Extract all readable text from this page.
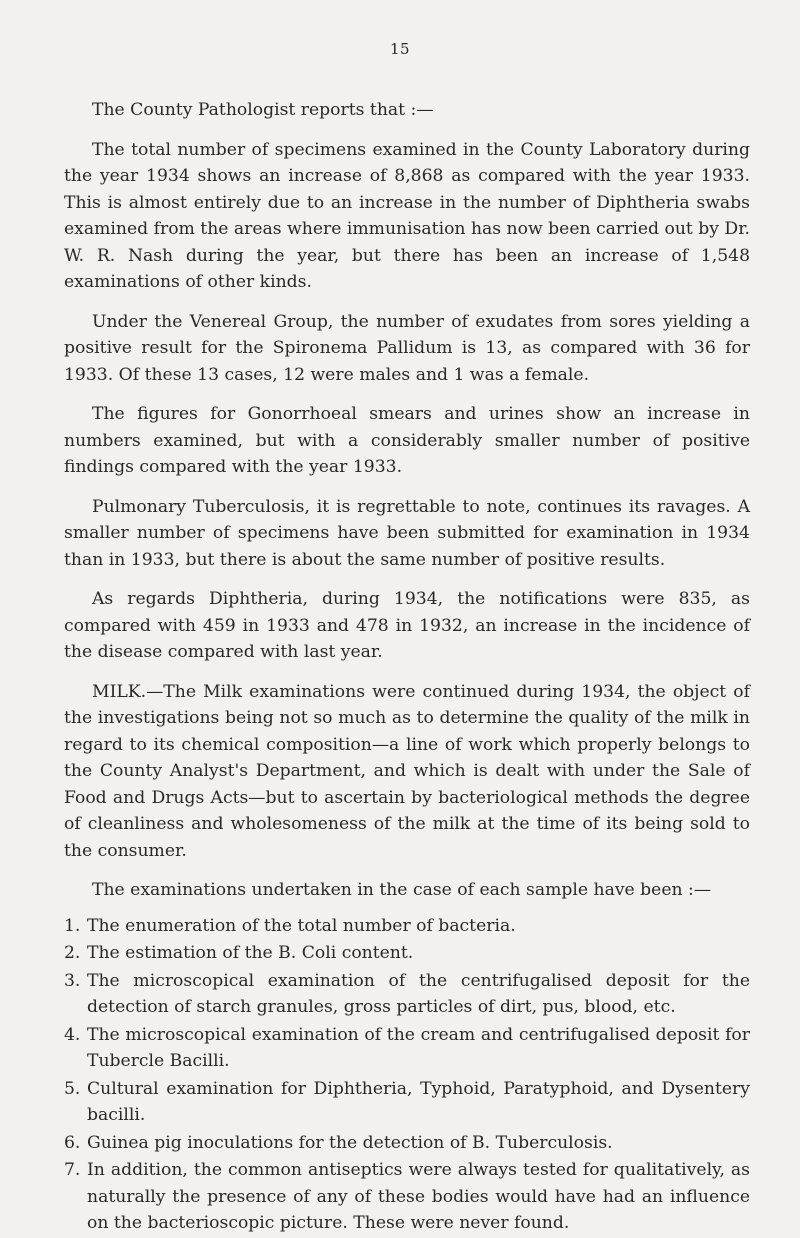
15

The County Pathologist reports that :—

The total number of specimens examined in the County Laboratory during the year 1934 shows an increase of 8,868 as compared with the year 1933. This is almost entirely due to an increase in the number of Diphtheria swabs examined from the areas where immunisation has now been carried out by Dr. W. R. Nash during the year, but there has been an increase of 1,548 examinations of other kinds.

Under the Venereal Group, the number of exudates from sores yielding a positive result for the Spironema Pallidum is 13, as compared with 36 for 1933. Of these 13 cases, 12 were males and 1 was a female.

The figures for Gonorrhoeal smears and urines show an increase in numbers examined, but with a considerably smaller number of positive findings compared with the year 1933.

Pulmonary Tuberculosis, it is regrettable to note, continues its ravages. A smaller number of specimens have been submitted for examination in 1934 than in 1933, but there is about the same number of positive results.

As regards Diphtheria, during 1934, the notifications were 835, as compared with 459 in 1933 and 478 in 1932, an increase in the incidence of the disease compared with last year.

MILK.—The Milk examinations were continued during 1934, the object of the investigations being not so much as to determine the quality of the milk in regard to its chemical composition—a line of work which properly belongs to the County Analyst's Department, and which is dealt with under the Sale of Food and Drugs Acts—but to ascertain by bacteriological methods the degree of cleanliness and wholesomeness of the milk at the time of its being sold to the consumer.

The examinations undertaken in the case of each sample have been :—

1. The enumeration of the total number of bacteria.
2. The estimation of the B. Coli content.
3. The microscopical examination of the centrifugalised deposit for the detection of starch granules, gross particles of dirt, pus, blood, etc.
4. The microscopical examination of the cream and centrifugalised deposit for Tubercle Bacilli.
5. Cultural examination for Diphtheria, Typhoid, Paratyphoid, and Dysentery bacilli.
6. Guinea pig inoculations for the detection of B. Tuberculosis.
7. In addition, the common antiseptics were always tested for qualitatively, as naturally the presence of any of these bodies would have had an influence on the bacterioscopic picture. These were never found.
